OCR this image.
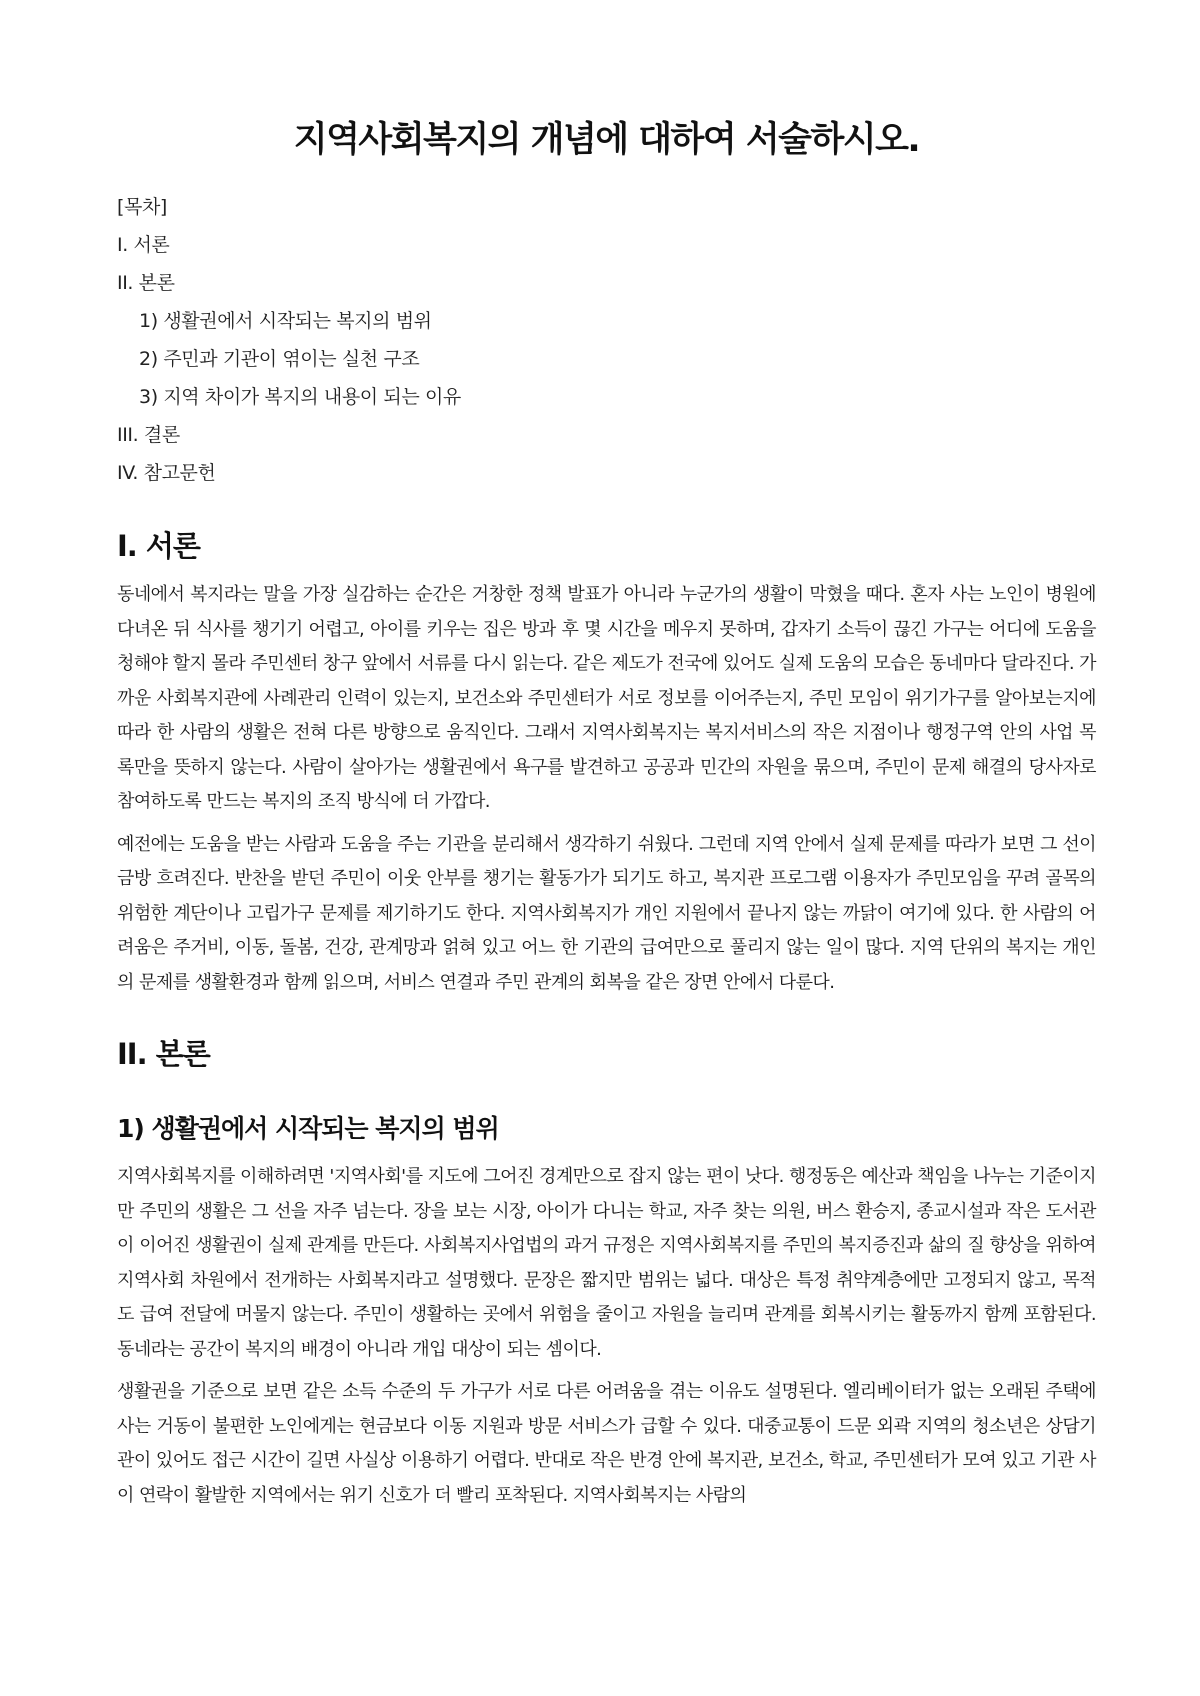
지역사회복지의 개념에 대하여 서술하시오.
[목차]
I. 서론
II. 본론
1) 생활권에서 시작되는 복지의 범위
2) 주민과 기관이 엮이는 실천 구조
3) 지역 차이가 복지의 내용이 되는 이유
III. 결론
IV. 참고문헌
I. 서론

동네에서 복지라는 말을 가장 실감하는 순간은 거창한 정책 발표가 아니라 누군가의 생활이 막혔을 때다. 혼자 사는 노인이 병원에 다녀온 뒤 식사를 챙기기 어렵고, 아이를 키우는 집은 방과 후 몇 시간을 메우지 못하며, 갑자기 소득이 끊긴 가구는 어디에 도움을 청해야 할지 몰라 주민센터 창구 앞에서 서류를 다시 읽는다. 같은 제도가 전국에 있어도 실제 도움의 모습은 동네마다 달라진다. 가까운 사회복지관에 사례관리 인력이 있는지, 보건소와 주민센터가 서로 정보를 이어주는지, 주민 모임이 위기가구를 알아보는지에 따라 한 사람의 생활은 전혀 다른 방향으로 움직인다. 그래서 지역사회복지는 복지서비스의 작은 지점이나 행정구역 안의 사업 목록만을 뜻하지 않는다. 사람이 살아가는 생활권에서 욕구를 발견하고 공공과 민간의 자원을 묶으며, 주민이 문제 해결의 당사자로 참여하도록 만드는 복지의 조직 방식에 더 가깝다.

예전에는 도움을 받는 사람과 도움을 주는 기관을 분리해서 생각하기 쉬웠다. 그런데 지역 안에서 실제 문제를 따라가 보면 그 선이 금방 흐려진다. 반찬을 받던 주민이 이웃 안부를 챙기는 활동가가 되기도 하고, 복지관 프로그램 이용자가 주민모임을 꾸려 골목의 위험한 계단이나 고립가구 문제를 제기하기도 한다. 지역사회복지가 개인 지원에서 끝나지 않는 까닭이 여기에 있다. 한 사람의 어려움은 주거비, 이동, 돌봄, 건강, 관계망과 얽혀 있고 어느 한 기관의 급여만으로 풀리지 않는 일이 많다. 지역 단위의 복지는 개인의 문제를 생활환경과 함께 읽으며, 서비스 연결과 주민 관계의 회복을 같은 장면 안에서 다룬다.

II. 본론
1) 생활권에서 시작되는 복지의 범위

지역사회복지를 이해하려면 '지역사회'를 지도에 그어진 경계만으로 잡지 않는 편이 낫다. 행정동은 예산과 책임을 나누는 기준이지만 주민의 생활은 그 선을 자주 넘는다. 장을 보는 시장, 아이가 다니는 학교, 자주 찾는 의원, 버스 환승지, 종교시설과 작은 도서관이 이어진 생활권이 실제 관계를 만든다. 사회복지사업법의 과거 규정은 지역사회복지를 주민의 복지증진과 삶의 질 향상을 위하여 지역사회 차원에서 전개하는 사회복지라고 설명했다. 문장은 짧지만 범위는 넓다. 대상은 특정 취약계층에만 고정되지 않고, 목적도 급여 전달에 머물지 않는다. 주민이 생활하는 곳에서 위험을 줄이고 자원을 늘리며 관계를 회복시키는 활동까지 함께 포함된다. 동네라는 공간이 복지의 배경이 아니라 개입 대상이 되는 셈이다.

생활권을 기준으로 보면 같은 소득 수준의 두 가구가 서로 다른 어려움을 겪는 이유도 설명된다. 엘리베이터가 없는 오래된 주택에 사는 거동이 불편한 노인에게는 현금보다 이동 지원과 방문 서비스가 급할 수 있다. 대중교통이 드문 외곽 지역의 청소년은 상담기관이 있어도 접근 시간이 길면 사실상 이용하기 어렵다. 반대로 작은 반경 안에 복지관, 보건소, 학교, 주민센터가 모여 있고 기관 사이 연락이 활발한 지역에서는 위기 신호가 더 빨리 포착된다. 지역사회복지는 사람의
